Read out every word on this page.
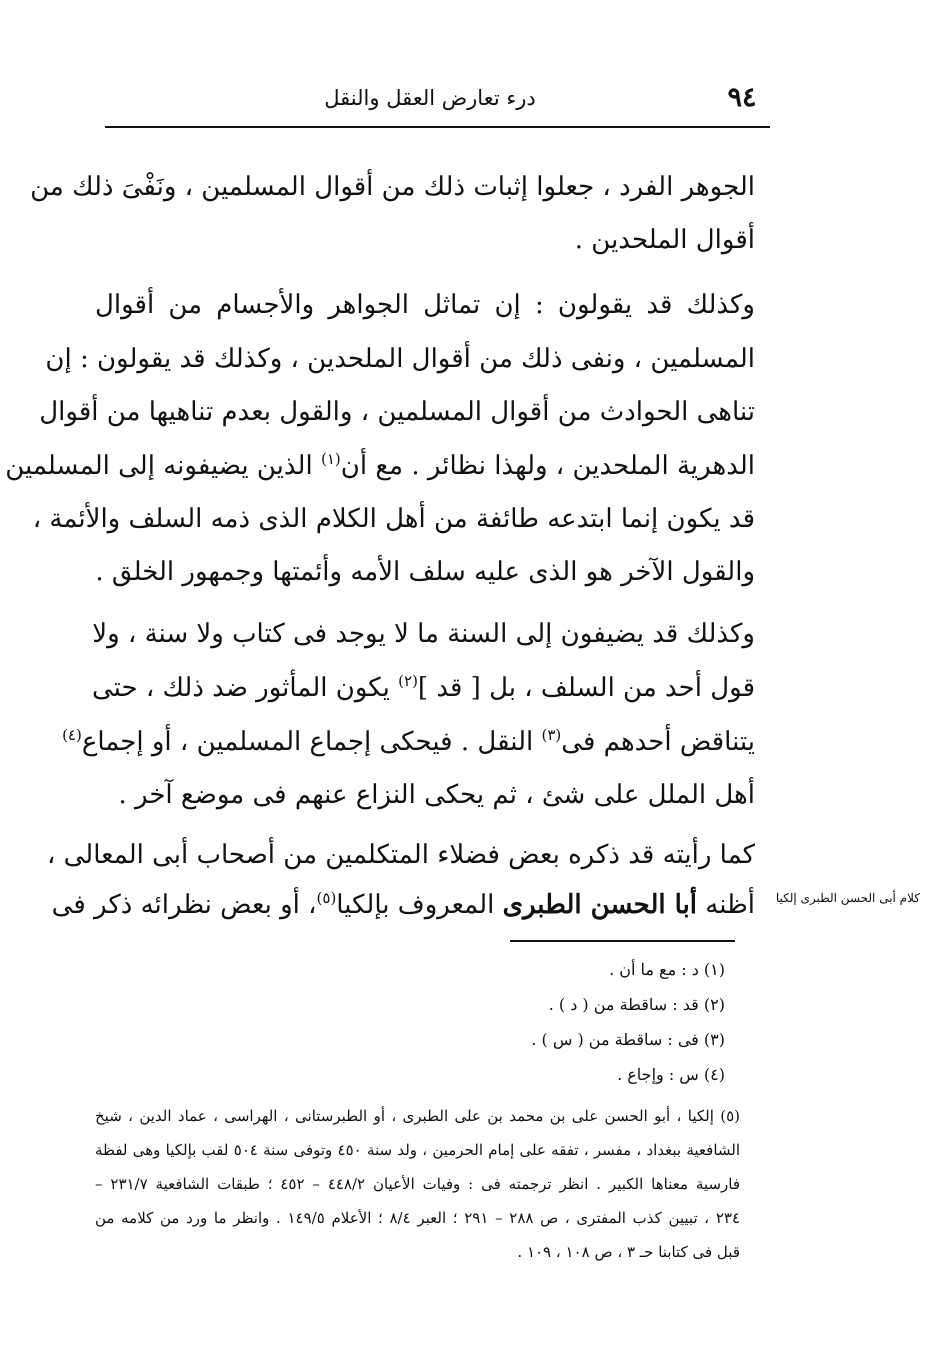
٩٤
درء تعارض العقل والنقل
الجوهر الفرد ، جعلوا إثبات ذلك من أقوال المسلمين ، ونَفْىَ ذلك من
أقوال الملحدين .
وكذلك قد يقولون : إن تماثل الجواهر والأجسام من أقوال
المسلمين ، ونفى ذلك من أقوال الملحدين ، وكذلك قد يقولون : إن
تناهى الحوادث من أقوال المسلمين ، والقول بعدم تناهيها من أقوال
الدهرية الملحدين ، ولهذا نظائر . مع أن$^{(١)}$ الذين يضيفونه إلى المسلمين
قد يكون إنما ابتدعه طائفة من أهل الكلام الذى ذمه السلف والأئمة ،
والقول الآخر هو الذى عليه سلف الأمه وأئمتها وجمهور الخلق .
وكذلك قد يضيفون إلى السنة ما لا يوجد فى كتاب ولا سنة ، ولا
قول أحد من السلف ، بل [ قد ]$^{(٢)}$ يكون المأثور ضد ذلك ، حتى
يتناقض أحدهم فى$^{(٣)}$ النقل . فيحكى إجماع المسلمين ، أو إجماع$^{(٤)}$
أهل الملل على شئ ، ثم يحكى النزاع عنهم فى موضع آخر .
كما رأيته قد ذكره بعض فضلاء المتكلمين من أصحاب أبى المعالى ،
أظنه أبا الحسن الطبرى المعروف بإلكيا$^{(٥)}$، أو بعض نظرائه ذكر فى	كلام أبى الحسن الطبرى إلكيا
(١) د : مع ما أن .
(٢) قد : ساقطة من ( د ) .
(٣) فى : ساقطة من ( س ) .
(٤) س : وإجاع .
(٥) إلكيا ، أبو الحسن على بن محمد بن على الطبرى ، أو الطبرستانى ، الهراسى ، عماد الدين ، شيخ
الشافعية ببغداد ، مفسر ، تفقه على إمام الحرمين ، ولد سنة ٤٥٠ وتوفى سنة ٥٠٤ لقب بإلكيا وهى لفظة
فارسية معناها الكبير . انظر ترجمته فى : وفيات الأعيان ٤٤٨/٢ – ٤٥٢ ؛ طبقات الشافعية ٢٣١/٧ –
٢٣٤ ، تبيين كذب المفترى ، ص ٢٨٨ – ٢٩١ ؛ العبر ٨/٤ ؛ الأعلام ١٤٩/٥ . وانظر ما ورد من كلامه من
قبل فى كتابنا حـ ٣ ، ص ١٠٨ ، ١٠٩ .
